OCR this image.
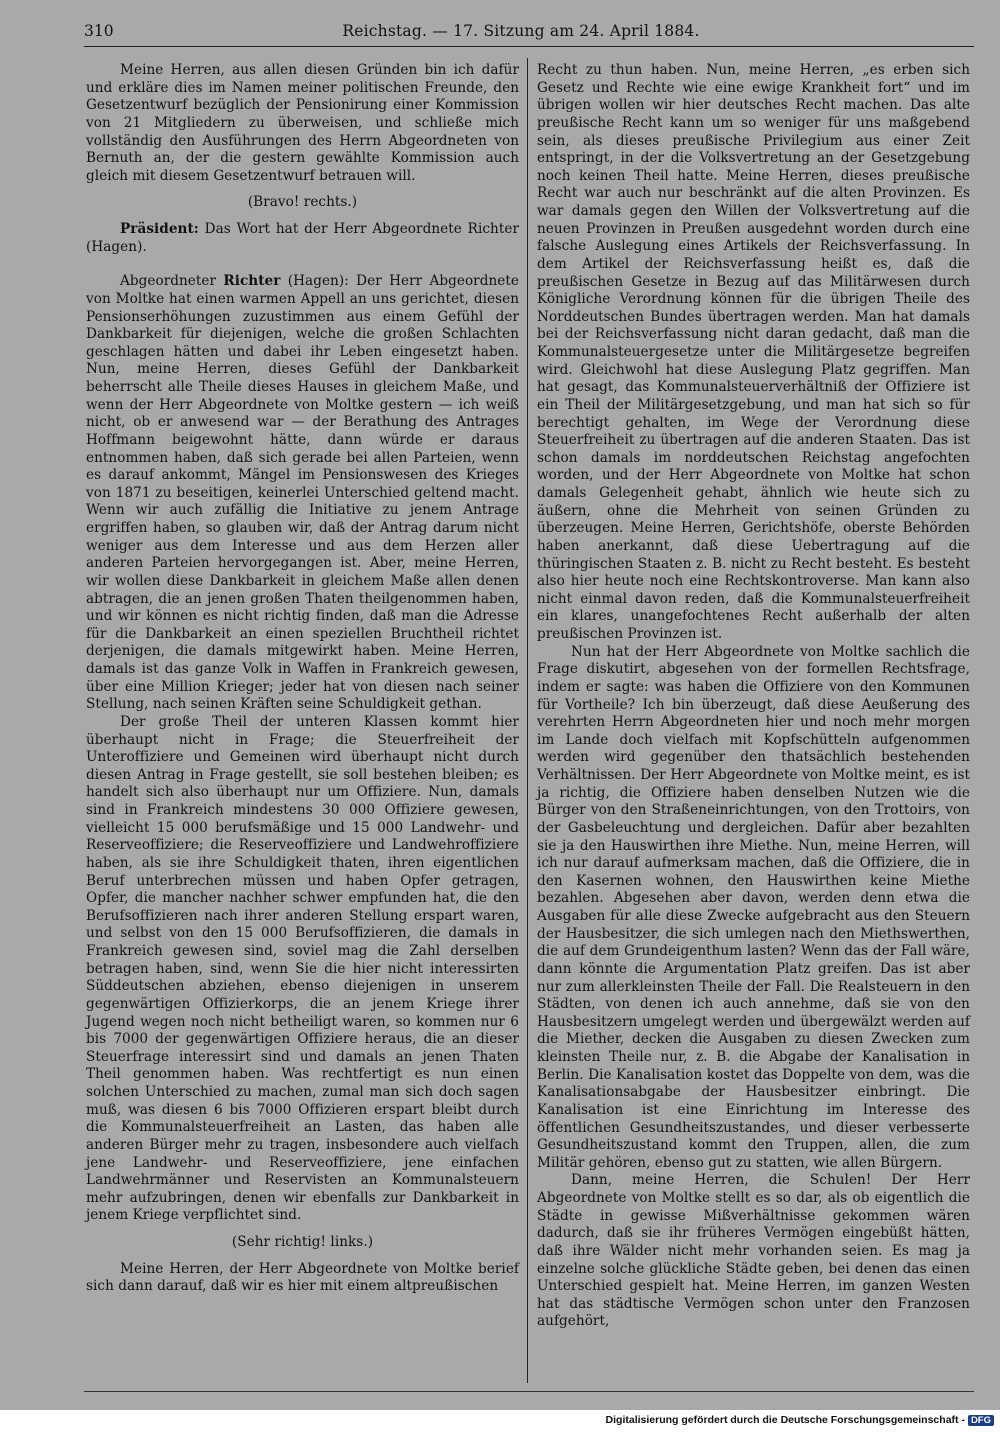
310	Reichstag. — 17. Sitzung am 24. April 1884.

Meine Herren, aus allen diesen Gründen bin ich dafür und erkläre dies im Namen meiner politischen Freunde, den Gesetzentwurf bezüglich der Pensionirung einer Kommission von 21 Mitgliedern zu überweisen, und schließe mich vollständig den Ausführungen des Herrn Abgeordneten von Bernuth an, der die gestern gewählte Kommission auch gleich mit diesem Gesetzentwurf betrauen will.

(Bravo! rechts.)

Präsident: Das Wort hat der Herr Abgeordnete Richter (Hagen).

Abgeordneter Richter (Hagen): Der Herr Abgeordnete von Moltke hat einen warmen Appell an uns gerichtet, diesen Pensionserhöhungen zuzustimmen aus einem Gefühl der Dankbarkeit für diejenigen, welche die großen Schlachten geschlagen hätten und dabei ihr Leben eingesetzt haben. Nun, meine Herren, dieses Gefühl der Dankbarkeit beherrscht alle Theile dieses Hauses in gleichem Maße, und wenn der Herr Abgeordnete von Moltke gestern — ich weiß nicht, ob er anwesend war — der Berathung des Antrages Hoffmann beigewohnt hätte, dann würde er daraus entnommen haben, daß sich gerade bei allen Parteien, wenn es darauf ankommt, Mängel im Pensionswesen des Krieges von 1871 zu beseitigen, keinerlei Unterschied geltend macht. Wenn wir auch zufällig die Initiative zu jenem Antrage ergriffen haben, so glauben wir, daß der Antrag darum nicht weniger aus dem Interesse und aus dem Herzen aller anderen Parteien hervorgegangen ist. Aber, meine Herren, wir wollen diese Dankbarkeit in gleichem Maße allen denen abtragen, die an jenen großen Thaten theilgenommen haben, und wir können es nicht richtig finden, daß man die Adresse für die Dankbarkeit an einen speziellen Bruchtheil richtet derjenigen, die damals mitgewirkt haben. Meine Herren, damals ist das ganze Volk in Waffen in Frankreich gewesen, über eine Million Krieger; jeder hat von diesen nach seiner Stellung, nach seinen Kräften seine Schuldigkeit gethan.

Der große Theil der unteren Klassen kommt hier überhaupt nicht in Frage; die Steuerfreiheit der Unteroffiziere und Gemeinen wird überhaupt nicht durch diesen Antrag in Frage gestellt, sie soll bestehen bleiben; es handelt sich also überhaupt nur um Offiziere. Nun, damals sind in Frankreich mindestens 30 000 Offiziere gewesen, vielleicht 15 000 berufsmäßige und 15 000 Landwehr- und Reserveoffiziere; die Reserveoffiziere und Landwehroffiziere haben, als sie ihre Schuldigkeit thaten, ihren eigentlichen Beruf unterbrechen müssen und haben Opfer getragen, Opfer, die mancher nachher schwer empfunden hat, die den Berufsoffizieren nach ihrer anderen Stellung erspart waren, und selbst von den 15 000 Berufsoffizieren, die damals in Frankreich gewesen sind, soviel mag die Zahl derselben betragen haben, sind, wenn Sie die hier nicht interessirten Süddeutschen abziehen, ebenso diejenigen in unserem gegenwärtigen Offizierkorps, die an jenem Kriege ihrer Jugend wegen noch nicht betheiligt waren, so kommen nur 6 bis 7000 der gegenwärtigen Offiziere heraus, die an dieser Steuerfrage interessirt sind und damals an jenen Thaten Theil genommen haben. Was rechtfertigt es nun einen solchen Unterschied zu machen, zumal man sich doch sagen muß, was diesen 6 bis 7000 Offizieren erspart bleibt durch die Kommunalsteuerfreiheit an Lasten, das haben alle anderen Bürger mehr zu tragen, insbesondere auch vielfach jene Landwehr- und Reserveoffiziere, jene einfachen Landwehrmänner und Reservisten an Kommunalsteuern mehr aufzubringen, denen wir ebenfalls zur Dankbarkeit in jenem Kriege verpflichtet sind.

(Sehr richtig! links.)

Meine Herren, der Herr Abgeordnete von Moltke berief sich dann darauf, daß wir es hier mit einem altpreußischen

Recht zu thun haben. Nun, meine Herren, „es erben sich Gesetz und Rechte wie eine ewige Krankheit fort“ und im übrigen wollen wir hier deutsches Recht machen. Das alte preußische Recht kann um so weniger für uns maßgebend sein, als dieses preußische Privilegium aus einer Zeit entspringt, in der die Volksvertretung an der Gesetzgebung noch keinen Theil hatte. Meine Herren, dieses preußische Recht war auch nur beschränkt auf die alten Provinzen. Es war damals gegen den Willen der Volksvertretung auf die neuen Provinzen in Preußen ausgedehnt worden durch eine falsche Auslegung eines Artikels der Reichsverfassung. In dem Artikel der Reichsverfassung heißt es, daß die preußischen Gesetze in Bezug auf das Militärwesen durch Königliche Verordnung können für die übrigen Theile des Norddeutschen Bundes übertragen werden. Man hat damals bei der Reichsverfassung nicht daran gedacht, daß man die Kommunalsteuergesetze unter die Militärgesetze begreifen wird. Gleichwohl hat diese Auslegung Platz gegriffen. Man hat gesagt, das Kommunalsteuerverhältniß der Offiziere ist ein Theil der Militärgesetzgebung, und man hat sich so für berechtigt gehalten, im Wege der Verordnung diese Steuerfreiheit zu übertragen auf die anderen Staaten. Das ist schon damals im norddeutschen Reichstag angefochten worden, und der Herr Abgeordnete von Moltke hat schon damals Gelegenheit gehabt, ähnlich wie heute sich zu äußern, ohne die Mehrheit von seinen Gründen zu überzeugen. Meine Herren, Gerichtshöfe, oberste Behörden haben anerkannt, daß diese Uebertragung auf die thüringischen Staaten z. B. nicht zu Recht besteht. Es besteht also hier heute noch eine Rechtskontroverse. Man kann also nicht einmal davon reden, daß die Kommunalsteuerfreiheit ein klares, unangefochtenes Recht außerhalb der alten preußischen Provinzen ist.

Nun hat der Herr Abgeordnete von Moltke sachlich die Frage diskutirt, abgesehen von der formellen Rechtsfrage, indem er sagte: was haben die Offiziere von den Kommunen für Vortheile? Ich bin überzeugt, daß diese Aeußerung des verehrten Herrn Abgeordneten hier und noch mehr morgen im Lande doch vielfach mit Kopfschütteln aufgenommen werden wird gegenüber den thatsächlich bestehenden Verhältnissen. Der Herr Abgeordnete von Moltke meint, es ist ja richtig, die Offiziere haben denselben Nutzen wie die Bürger von den Straßeneinrichtungen, von den Trottoirs, von der Gasbeleuchtung und dergleichen. Dafür aber bezahlten sie ja den Hauswirthen ihre Miethe. Nun, meine Herren, will ich nur darauf aufmerksam machen, daß die Offiziere, die in den Kasernen wohnen, den Hauswirthen keine Miethe bezahlen. Abgesehen aber davon, werden denn etwa die Ausgaben für alle diese Zwecke aufgebracht aus den Steuern der Hausbesitzer, die sich umlegen nach den Miethswerthen, die auf dem Grundeigenthum lasten? Wenn das der Fall wäre, dann könnte die Argumentation Platz greifen. Das ist aber nur zum allerkleinsten Theile der Fall. Die Realsteuern in den Städten, von denen ich auch annehme, daß sie von den Hausbesitzern umgelegt werden und übergewälzt werden auf die Miether, decken die Ausgaben zu diesen Zwecken zum kleinsten Theile nur, z. B. die Abgabe der Kanalisation in Berlin. Die Kanalisation kostet das Doppelte von dem, was die Kanalisationsabgabe der Hausbesitzer einbringt. Die Kanalisation ist eine Einrichtung im Interesse des öffentlichen Gesundheitszustandes, und dieser verbesserte Gesundheitszustand kommt den Truppen, allen, die zum Militär gehören, ebenso gut zu statten, wie allen Bürgern.

Dann, meine Herren, die Schulen! Der Herr Abgeordnete von Moltke stellt es so dar, als ob eigentlich die Städte in gewisse Mißverhältnisse gekommen wären dadurch, daß sie ihr früheres Vermögen eingebüßt hätten, daß ihre Wälder nicht mehr vorhanden seien. Es mag ja einzelne solche glückliche Städte geben, bei denen das einen Unterschied gespielt hat. Meine Herren, im ganzen Westen hat das städtische Vermögen schon unter den Franzosen aufgehört,

Digitalisierung gefördert durch die Deutsche Forschungsgemeinschaft - DFG
